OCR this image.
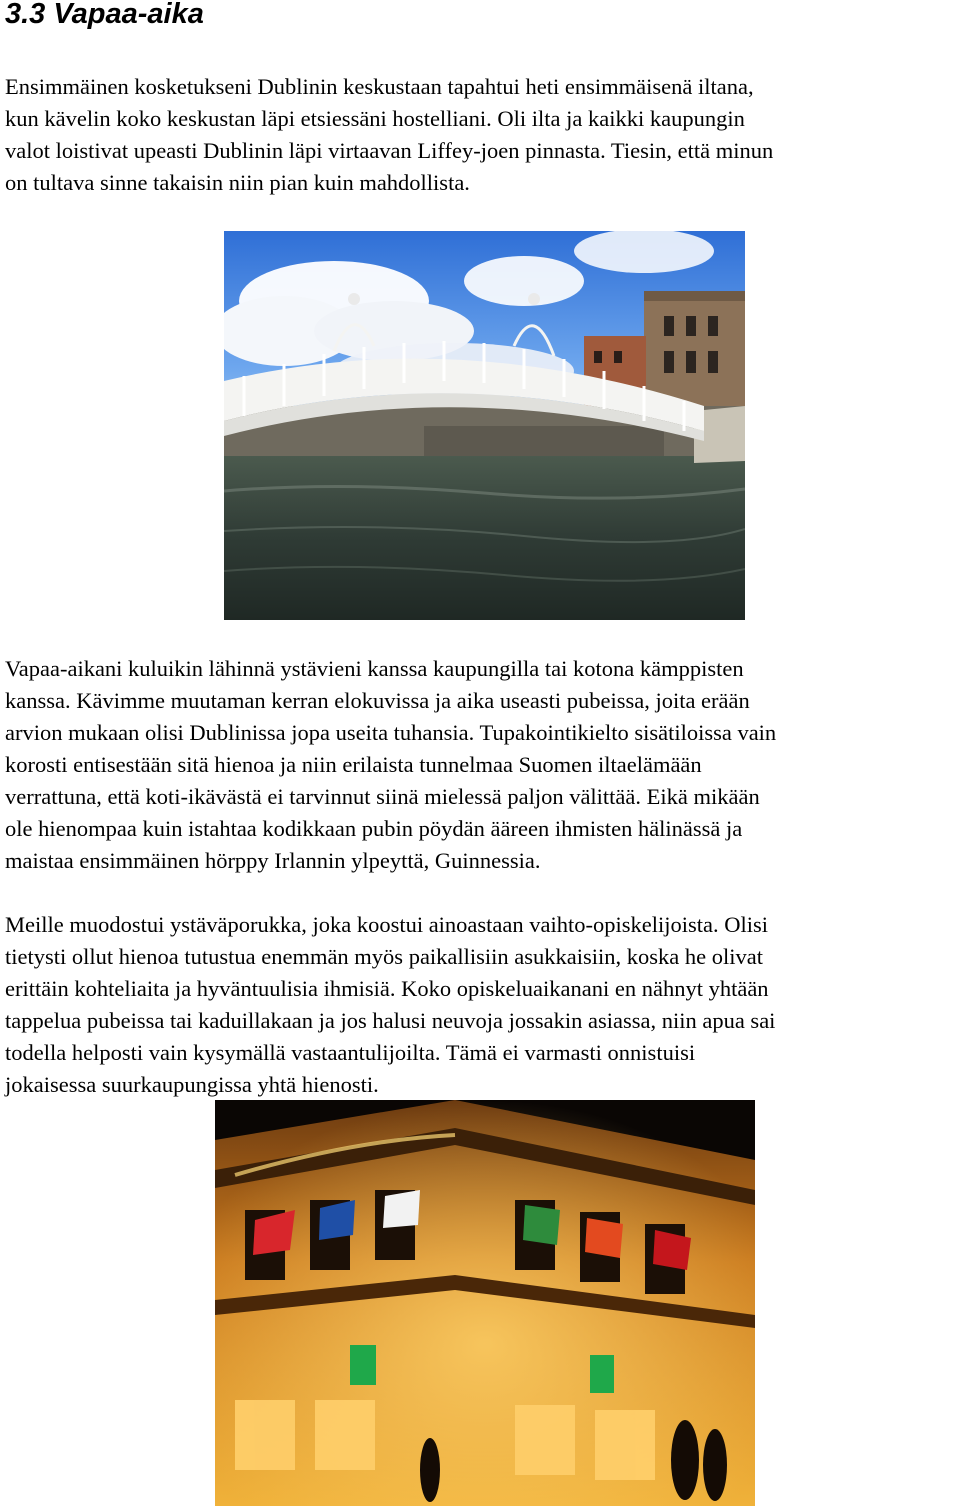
3.3 Vapaa-aika

Ensimmäinen kosketukseni Dublinin keskustaan tapahtui heti ensimmäisenä iltana,
kun kävelin koko keskustan läpi etsiessäni hostelliani. Oli ilta ja kaikki kaupungin
valot loistivat upeasti Dublinin läpi virtaavan Liffey-joen pinnasta. Tiesin, että minun
on tultava sinne takaisin niin pian kuin mahdollista.

Vapaa-aikani kuluikin lähinnä ystävieni kanssa kaupungilla tai kotona kämppisten
kanssa. Kävimme muutaman kerran elokuvissa ja aika useasti pubeissa, joita erään
arvion mukaan olisi Dublinissa jopa useita tuhansia. Tupakointikielto sisätiloissa vain
korosti entisestään sitä hienoa ja niin erilaista tunnelmaa Suomen iltaelämään
verrattuna, että koti-ikävästä ei tarvinnut siinä mielessä paljon välittää. Eikä mikään
ole hienompaa kuin istahtaa kodikkaan pubin pöydän ääreen ihmisten hälinässä ja
maistaa ensimmäinen hörppy Irlannin ylpeyttä, Guinnessia.

Meille muodostui ystäväporukka, joka koostui ainoastaan vaihto-opiskelijoista. Olisi
tietysti ollut hienoa tutustua enemmän myös paikallisiin asukkaisiin, koska he olivat
erittäin kohteliaita ja hyväntuulisia ihmisiä. Koko opiskeluaikanani en nähnyt yhtään
tappelua pubeissa tai kaduillakaan ja jos halusi neuvoja jossakin asiassa, niin apua sai
todella helposti vain kysymällä vastaantulijoilta. Tämä ei varmasti onnistuisi
jokaisessa suurkaupungissa yhtä hienosti.
